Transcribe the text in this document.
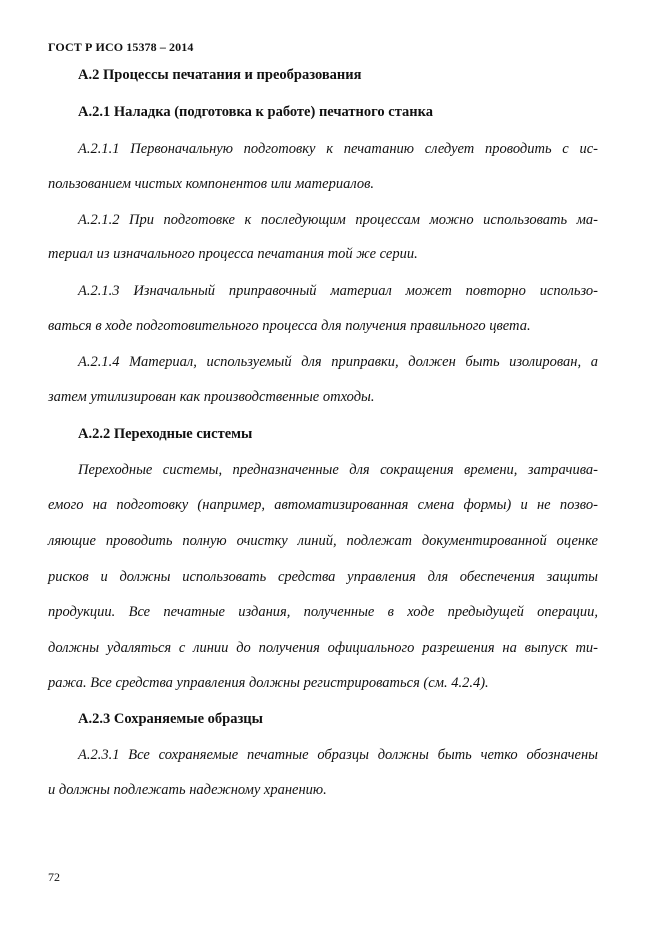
ГОСТ Р ИСО 15378 – 2014
А.2 Процессы печатания и преобразования
А.2.1 Наладка (подготовка к работе) печатного станка
А.2.1.1 Первоначальную подготовку к печатанию следует проводить с ис-
пользованием чистых компонентов или материалов.
А.2.1.2 При подготовке к последующим процессам можно использовать ма-
териал из изначального процесса печатания той же серии.
А.2.1.3 Изначальный приправочный материал может повторно использо-
ваться в ходе подготовительного процесса для получения правильного цвета.
А.2.1.4 Материал, используемый для приправки, должен быть изолирован, а
затем утилизирован как производственные отходы.
А.2.2 Переходные системы
Переходные системы, предназначенные для сокращения времени, затрачива-
емого на подготовку (например, автоматизированная смена формы) и не позво-
ляющие проводить полную очистку линий, подлежат документированной оценке
рисков и должны использовать средства управления для обеспечения защиты
продукции. Все печатные издания, полученные в ходе предыдущей операции,
должны удаляться с линии до получения официального разрешения на выпуск ти-
ража. Все средства управления должны регистрироваться (см. 4.2.4).
А.2.3 Сохраняемые образцы
А.2.3.1 Все сохраняемые печатные образцы должны быть четко обозначены
и должны подлежать надежному хранению.
72
